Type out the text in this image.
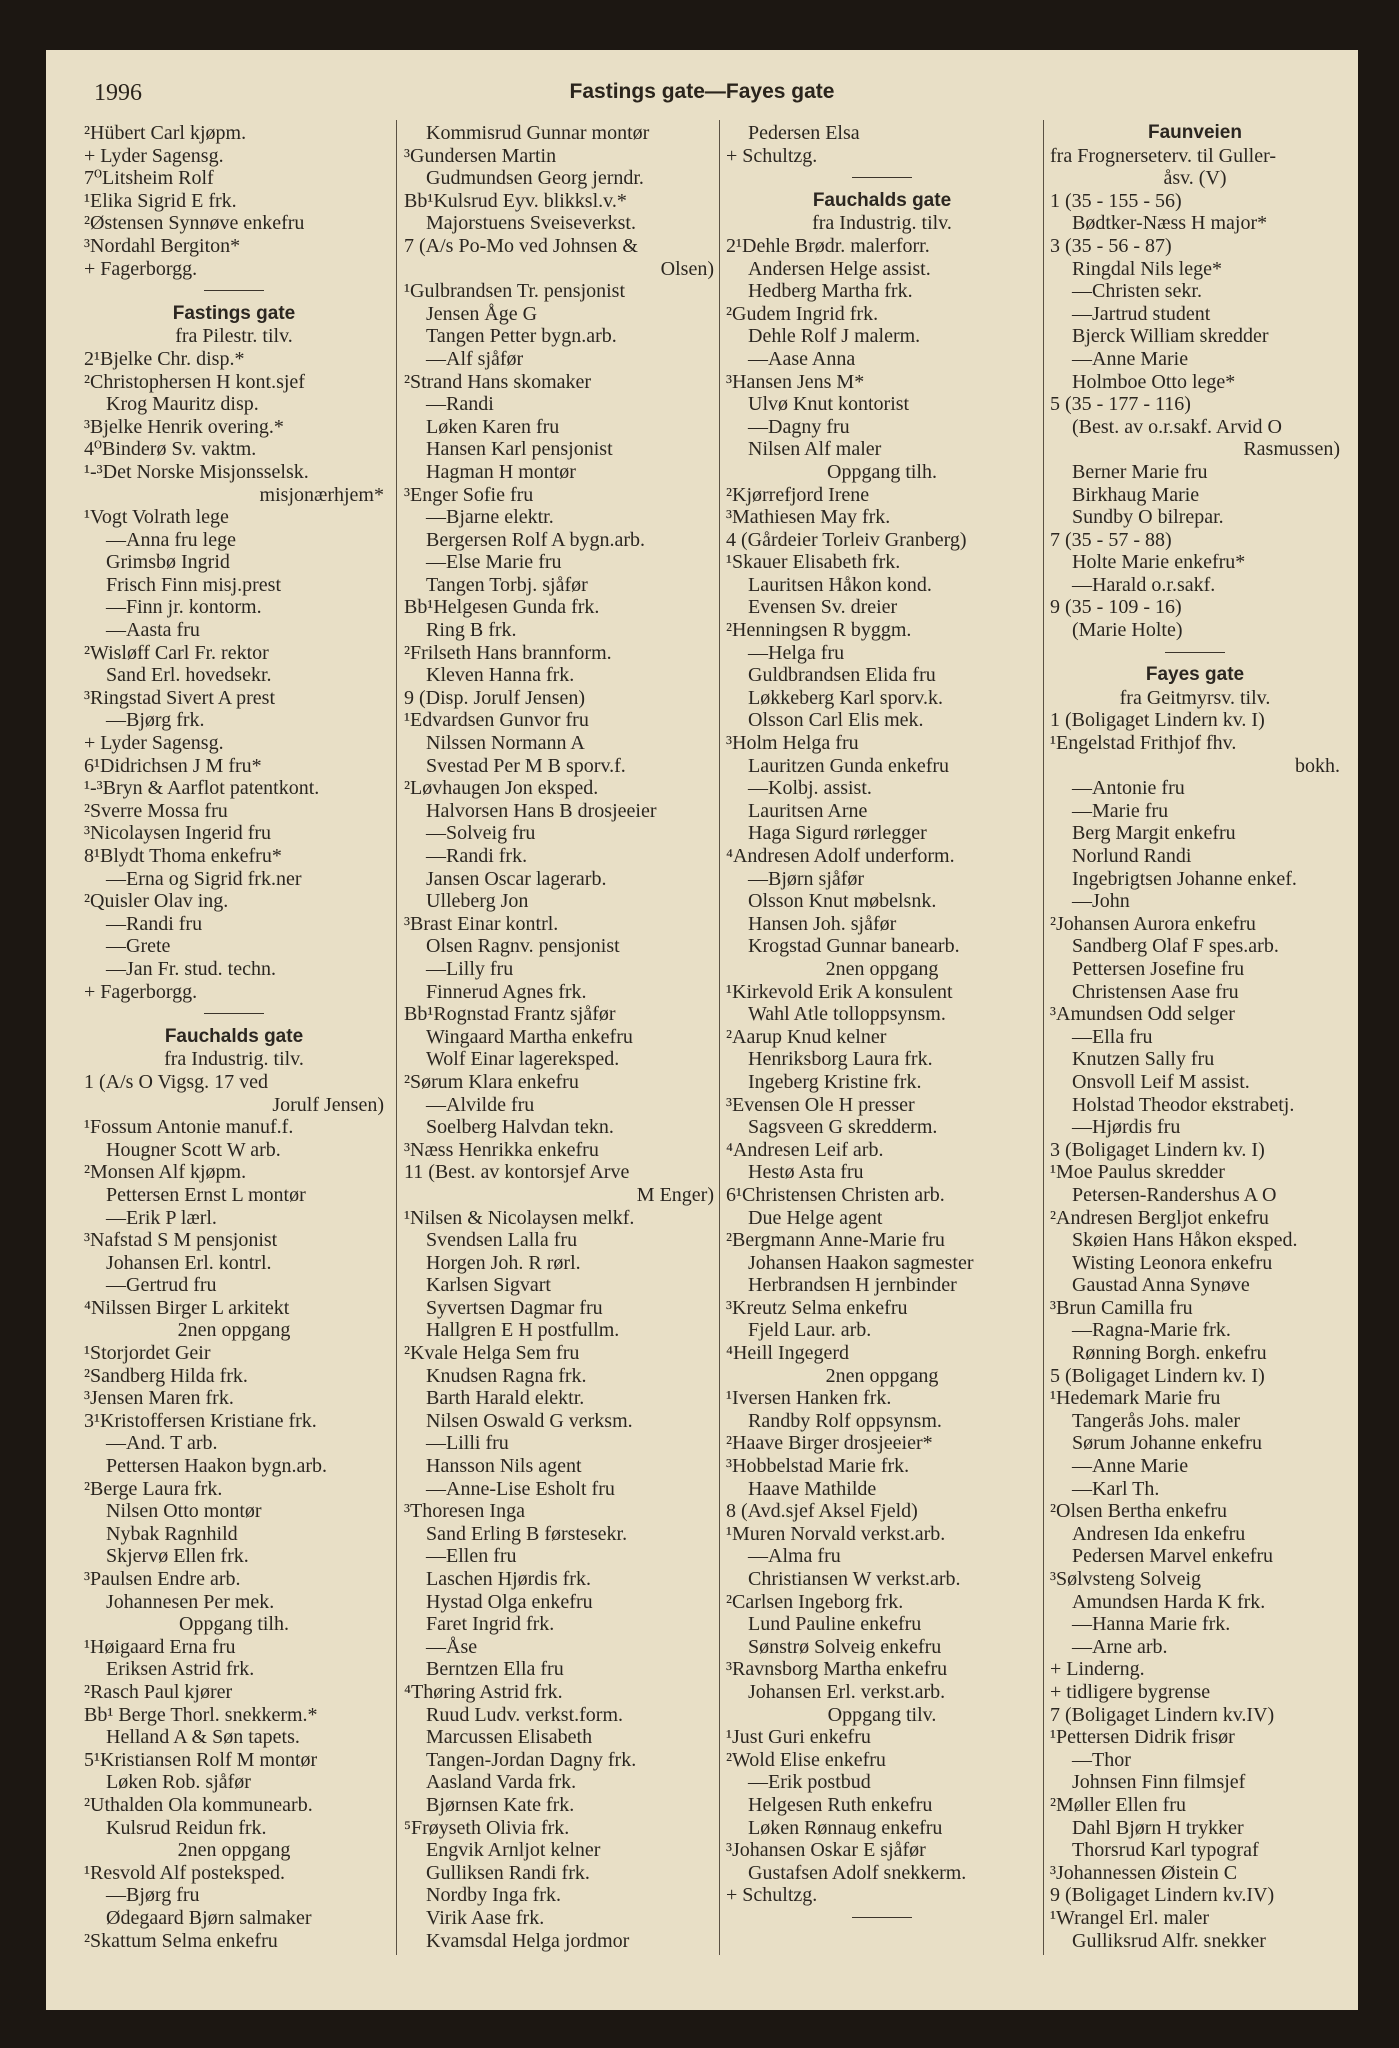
1996	Fastings gate—Fayes gate
²Hübert Carl kjøpm.
+ Lyder Sagensg.
7⁰Litsheim Rolf
¹Elika Sigrid E frk.
²Østensen Synnøve enkefru
³Nordahl Bergiton*
+ Fagerborgg.
Fastings gate
fra Pilestr. tilv.
2¹Bjelke Chr. disp.*
²Christophersen H kont.sjef
Krog Mauritz disp.
³Bjelke Henrik overing.*
4⁰Binderø Sv. vaktm.
¹-³Det Norske Misjonsselsk.
misjonærhjem*
¹Vogt Volrath lege
—Anna fru lege
Grimsbø Ingrid
Frisch Finn misj.prest
—Finn jr. kontorm.
—Aasta fru
²Wisløff Carl Fr. rektor
Sand Erl. hovedsekr.
³Ringstad Sivert A prest
—Bjørg frk.
+ Lyder Sagensg.
6¹Didrichsen J M fru*
¹-³Bryn & Aarflot patentkont.
²Sverre Mossa fru
³Nicolaysen Ingerid fru
8¹Blydt Thoma enkefru*
—Erna og Sigrid frk.ner
²Quisler Olav ing.
—Randi fru
—Grete
—Jan Fr. stud. techn.
+ Fagerborgg.
Fauchalds gate
fra Industrig. tilv.
1 (A/s O Vigsg. 17 ved
Jorulf Jensen)
¹Fossum Antonie manuf.f.
Hougner Scott W arb.
²Monsen Alf kjøpm.
Pettersen Ernst L montør
—Erik P lærl.
³Nafstad S M pensjonist
Johansen Erl. kontrl.
—Gertrud fru
⁴Nilssen Birger L arkitekt
2nen oppgang
¹Storjordet Geir
²Sandberg Hilda frk.
³Jensen Maren frk.
3¹Kristoffersen Kristiane frk.
—And. T arb.
Pettersen Haakon bygn.arb.
²Berge Laura frk.
Nilsen Otto montør
Nybak Ragnhild
Skjervø Ellen frk.
³Paulsen Endre arb.
Johannesen Per mek.
Oppgang tilh.
¹Høigaard Erna fru
Eriksen Astrid frk.
²Rasch Paul kjører
Bb¹ Berge Thorl. snekkerm.*
Helland A & Søn tapets.
5¹Kristiansen Rolf M montør
Løken Rob. sjåfør
²Uthalden Ola kommunearb.
Kulsrud Reidun frk.
2nen oppgang
¹Resvold Alf posteksped.
—Bjørg fru
Ødegaard Bjørn salmaker
²Skattum Selma enkefru
Kommisrud Gunnar montør
³Gundersen Martin
Gudmundsen Georg jerndr.
Bb¹Kulsrud Eyv. blikksl.v.*
Majorstuens Sveiseverkst.
7 (A/s Po-Mo ved Johnsen &
Olsen)
¹Gulbrandsen Tr. pensjonist
Jensen Åge G
Tangen Petter bygn.arb.
—Alf sjåfør
²Strand Hans skomaker
—Randi
Løken Karen fru
Hansen Karl pensjonist
Hagman H montør
³Enger Sofie fru
—Bjarne elektr.
Bergersen Rolf A bygn.arb.
—Else Marie fru
Tangen Torbj. sjåfør
Bb¹Helgesen Gunda frk.
Ring B frk.
²Frilseth Hans brannform.
Kleven Hanna frk.
9 (Disp. Jorulf Jensen)
¹Edvardsen Gunvor fru
Nilssen Normann A
Svestad Per M B sporv.f.
²Løvhaugen Jon eksped.
Halvorsen Hans B drosjeeier
—Solveig fru
—Randi frk.
Jansen Oscar lagerarb.
Ulleberg Jon
³Brast Einar kontrl.
Olsen Ragnv. pensjonist
—Lilly fru
Finnerud Agnes frk.
Bb¹Rognstad Frantz sjåfør
Wingaard Martha enkefru
Wolf Einar lagereksped.
²Sørum Klara enkefru
—Alvilde fru
Soelberg Halvdan tekn.
³Næss Henrikka enkefru
11 (Best. av kontorsjef Arve
M Enger)
¹Nilsen & Nicolaysen melkf.
Svendsen Lalla fru
Horgen Joh. R rørl.
Karlsen Sigvart
Syvertsen Dagmar fru
Hallgren E H postfullm.
²Kvale Helga Sem fru
Knudsen Ragna frk.
Barth Harald elektr.
Nilsen Oswald G verksm.
—Lilli fru
Hansson Nils agent
—Anne-Lise Esholt fru
³Thoresen Inga
Sand Erling B førstesekr.
—Ellen fru
Laschen Hjørdis frk.
Hystad Olga enkefru
Faret Ingrid frk.
—Åse
Berntzen Ella fru
⁴Thøring Astrid frk.
Ruud Ludv. verkst.form.
Marcussen Elisabeth
Tangen-Jordan Dagny frk.
Aasland Varda frk.
Bjørnsen Kate frk.
⁵Frøyseth Olivia frk.
Engvik Arnljot kelner
Gulliksen Randi frk.
Nordby Inga frk.
Virik Aase frk.
Kvamsdal Helga jordmor
Pedersen Elsa
+ Schultzg.
Fauchalds gate
fra Industrig. tilv.
2¹Dehle Brødr. malerforr.
Andersen Helge assist.
Hedberg Martha frk.
²Gudem Ingrid frk.
Dehle Rolf J malerm.
—Aase Anna
³Hansen Jens M*
Ulvø Knut kontorist
—Dagny fru
Nilsen Alf maler
Oppgang tilh.
²Kjørrefjord Irene
³Mathiesen May frk.
4 (Gårdeier Torleiv Granberg)
¹Skauer Elisabeth frk.
Lauritsen Håkon kond.
Evensen Sv. dreier
²Henningsen R byggm.
—Helga fru
Guldbrandsen Elida fru
Løkkeberg Karl sporv.k.
Olsson Carl Elis mek.
³Holm Helga fru
Lauritzen Gunda enkefru
—Kolbj. assist.
Lauritsen Arne
Haga Sigurd rørlegger
⁴Andresen Adolf underform.
—Bjørn sjåfør
Olsson Knut møbelsnk.
Hansen Joh. sjåfør
Krogstad Gunnar banearb.
2nen oppgang
¹Kirkevold Erik A konsulent
Wahl Atle tolloppsynsm.
²Aarup Knud kelner
Henriksborg Laura frk.
Ingeberg Kristine frk.
³Evensen Ole H presser
Sagsveen G skredderm.
⁴Andresen Leif arb.
Hestø Asta fru
6¹Christensen Christen arb.
Due Helge agent
²Bergmann Anne-Marie fru
Johansen Haakon sagmester
Herbrandsen H jernbinder
³Kreutz Selma enkefru
Fjeld Laur. arb.
⁴Heill Ingegerd
2nen oppgang
¹Iversen Hanken frk.
Randby Rolf oppsynsm.
²Haave Birger drosjeeier*
³Hobbelstad Marie frk.
Haave Mathilde
8 (Avd.sjef Aksel Fjeld)
¹Muren Norvald verkst.arb.
—Alma fru
Christiansen W verkst.arb.
²Carlsen Ingeborg frk.
Lund Pauline enkefru
Sønstrø Solveig enkefru
³Ravnsborg Martha enkefru
Johansen Erl. verkst.arb.
Oppgang tilv.
¹Just Guri enkefru
²Wold Elise enkefru
—Erik postbud
Helgesen Ruth enkefru
Løken Rønnaug enkefru
³Johansen Oskar E sjåfør
Gustafsen Adolf snekkerm.
+ Schultzg.
Faunveien
fra Frognerseterv. til Guller-
åsv. (V)
1 (35 - 155 - 56)
Bødtker-Næss H major*
3 (35 - 56 - 87)
Ringdal Nils lege*
—Christen sekr.
—Jartrud student
Bjerck William skredder
—Anne Marie
Holmboe Otto lege*
5 (35 - 177 - 116)
(Best. av o.r.sakf. Arvid O
Rasmussen)
Berner Marie fru
Birkhaug Marie
Sundby O bilrepar.
7 (35 - 57 - 88)
Holte Marie enkefru*
—Harald o.r.sakf.
9 (35 - 109 - 16)
(Marie Holte)
Fayes gate
fra Geitmyrsv. tilv.
1 (Boligaget Lindern kv. I)
¹Engelstad Frithjof fhv.
bokh.
—Antonie fru
—Marie fru
Berg Margit enkefru
Norlund Randi
Ingebrigtsen Johanne enkef.
—John
²Johansen Aurora enkefru
Sandberg Olaf F spes.arb.
Pettersen Josefine fru
Christensen Aase fru
³Amundsen Odd selger
—Ella fru
Knutzen Sally fru
Onsvoll Leif M assist.
Holstad Theodor ekstrabetj.
—Hjørdis fru
3 (Boligaget Lindern kv. I)
¹Moe Paulus skredder
Petersen-Randershus A O
²Andresen Bergljot enkefru
Skøien Hans Håkon eksped.
Wisting Leonora enkefru
Gaustad Anna Synøve
³Brun Camilla fru
—Ragna-Marie frk.
Rønning Borgh. enkefru
5 (Boligaget Lindern kv. I)
¹Hedemark Marie fru
Tangerås Johs. maler
Sørum Johanne enkefru
—Anne Marie
—Karl Th.
²Olsen Bertha enkefru
Andresen Ida enkefru
Pedersen Marvel enkefru
³Sølvsteng Solveig
Amundsen Harda K frk.
—Hanna Marie frk.
—Arne arb.
+ Linderng.
+ tidligere bygrense
7 (Boligaget Lindern kv.IV)
¹Pettersen Didrik frisør
—Thor
Johnsen Finn filmsjef
²Møller Ellen fru
Dahl Bjørn H trykker
Thorsrud Karl typograf
³Johannessen Øistein C
9 (Boligaget Lindern kv.IV)
¹Wrangel Erl. maler
Gulliksrud Alfr. snekker
